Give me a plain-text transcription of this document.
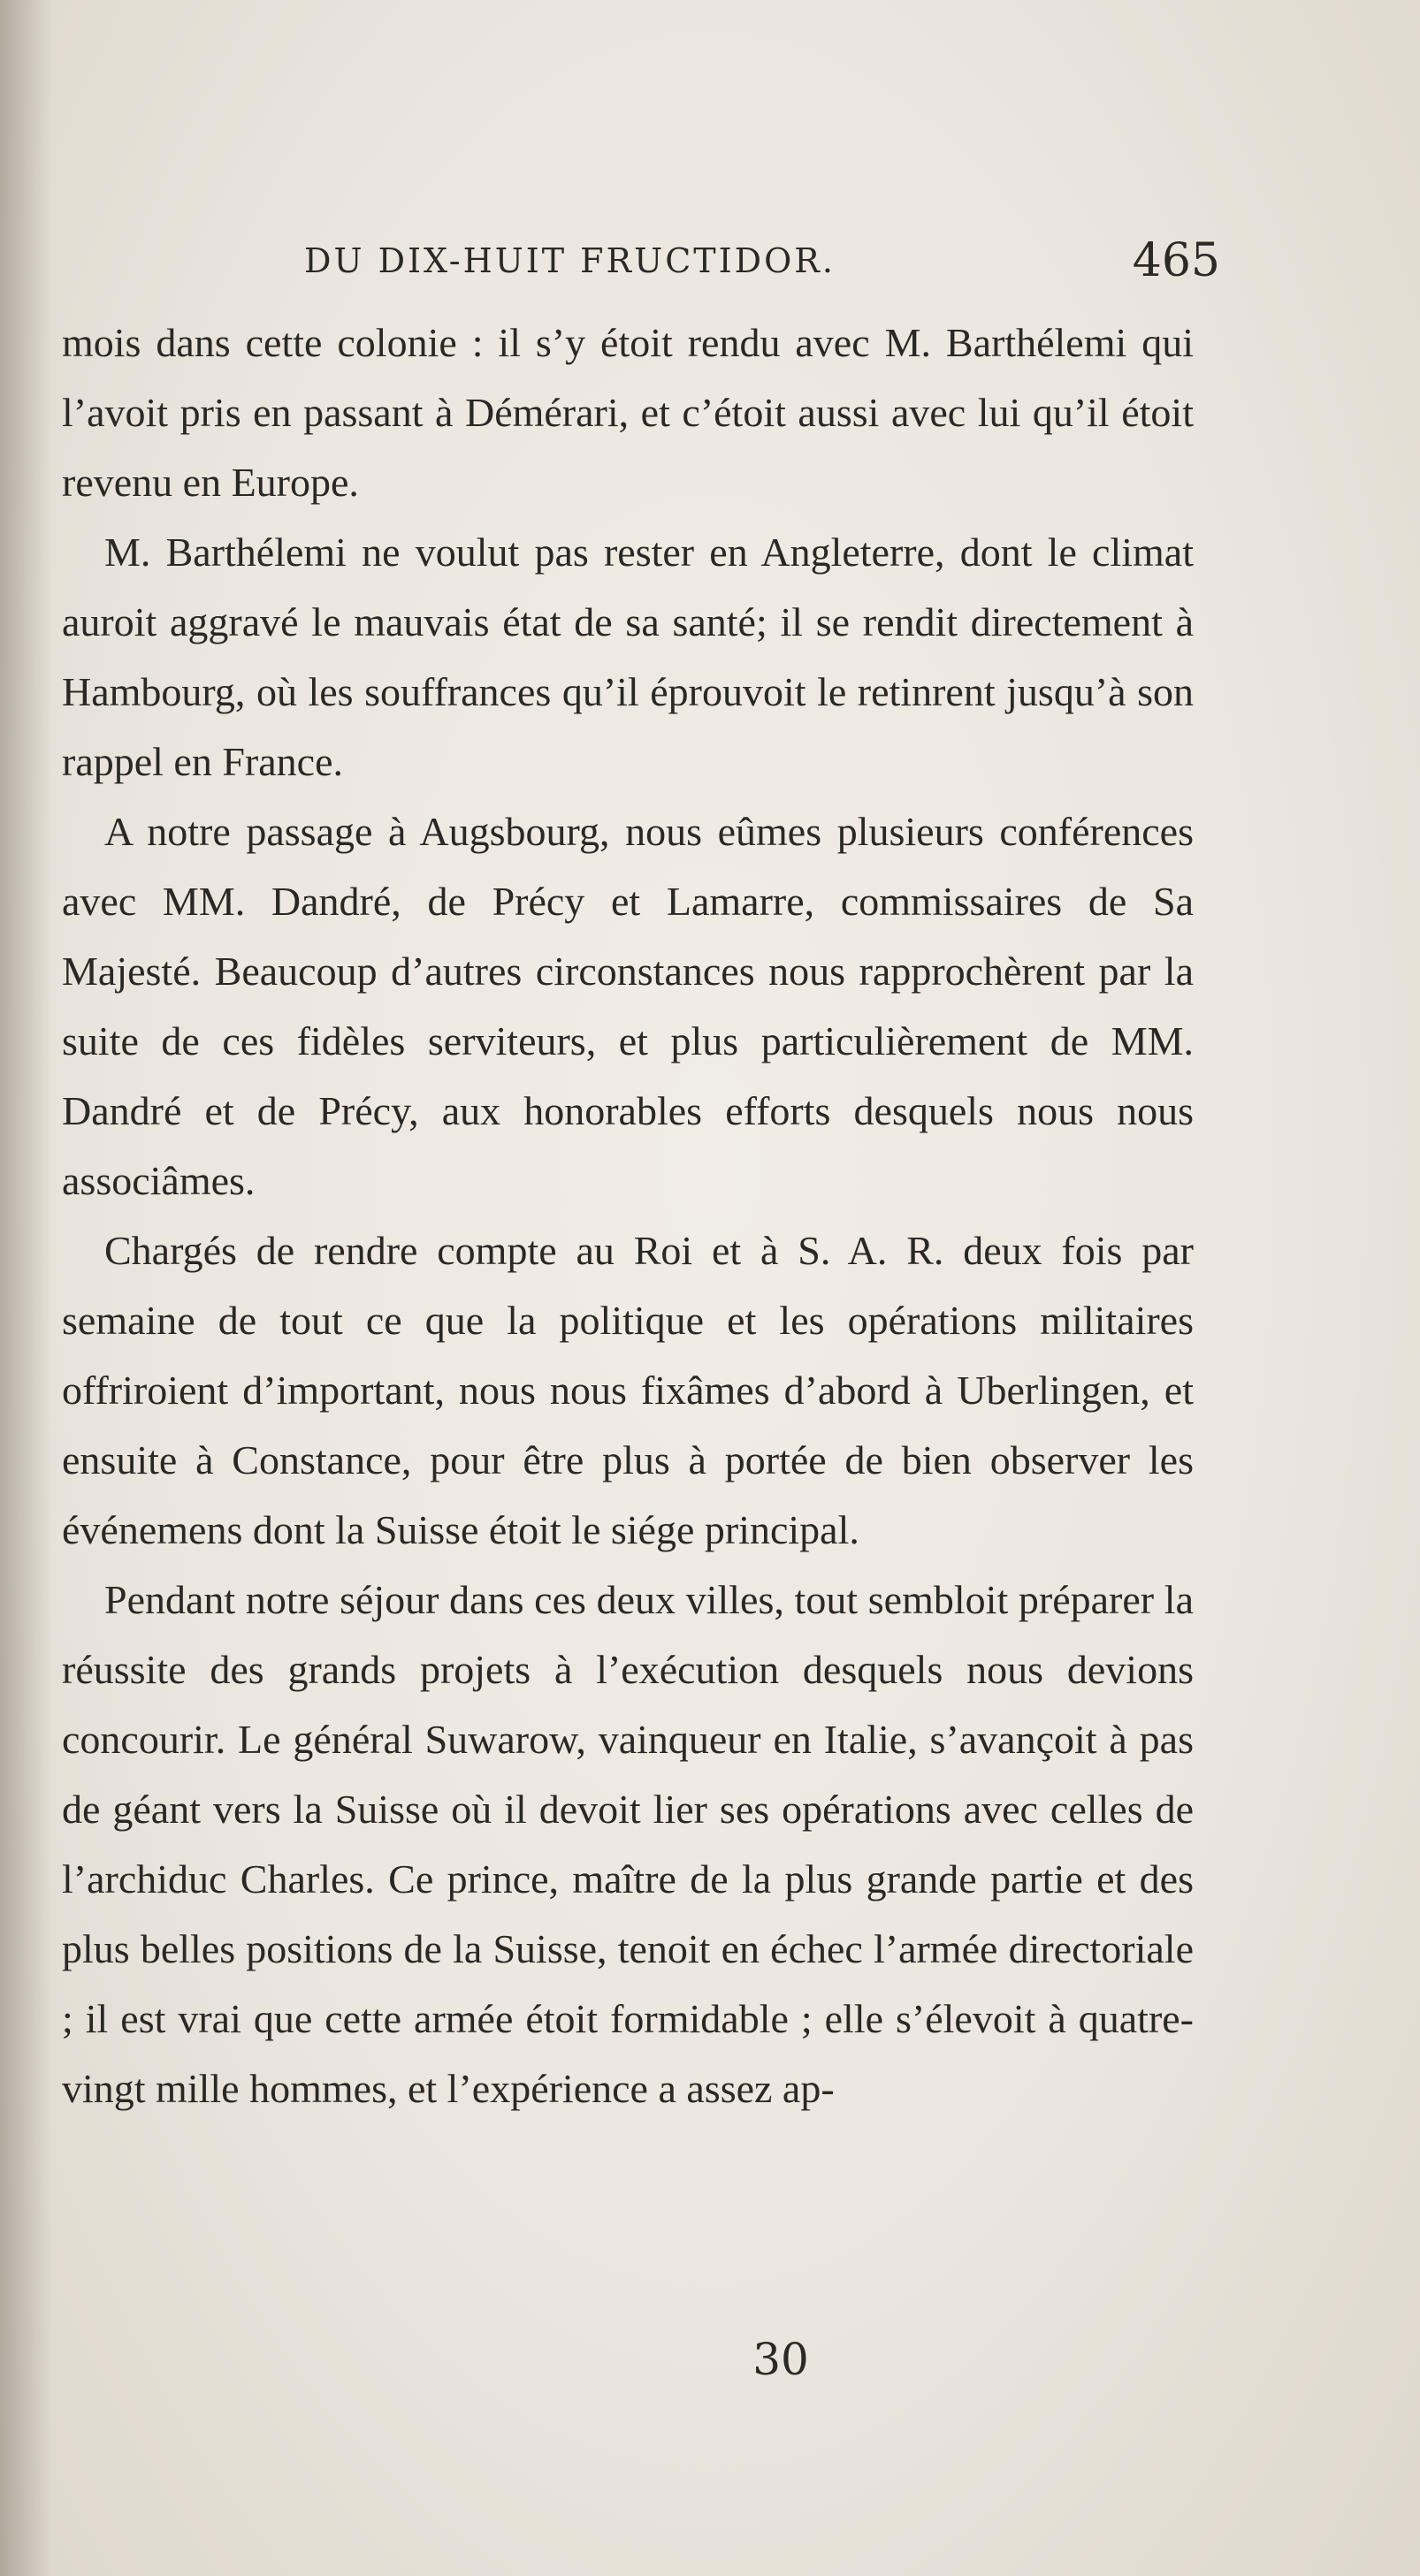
DU DIX-HUIT FRUCTIDOR.	465

mois dans cette colonie : il s’y étoit rendu avec M. Barthélemi qui l’avoit pris en passant à Démérari, et c’étoit aussi avec lui qu’il étoit revenu en Europe.

M. Barthélemi ne voulut pas rester en Angleterre, dont le climat auroit aggravé le mauvais état de sa santé; il se rendit directement à Hambourg, où les souffrances qu’il éprouvoit le retinrent jusqu’à son rappel en France.

A notre passage à Augsbourg, nous eûmes plusieurs conférences avec MM. Dandré, de Précy et Lamarre, commissaires de Sa Majesté. Beaucoup d’autres circonstances nous rapprochèrent par la suite de ces fidèles serviteurs, et plus particulièrement de MM. Dandré et de Précy, aux honorables efforts desquels nous nous associâmes.

Chargés de rendre compte au Roi et à S. A. R. deux fois par semaine de tout ce que la politique et les opérations militaires offriroient d’important, nous nous fixâmes d’abord à Uberlingen, et ensuite à Constance, pour être plus à portée de bien observer les événemens dont la Suisse étoit le siége principal.

Pendant notre séjour dans ces deux villes, tout sembloit préparer la réussite des grands projets à l’exécution desquels nous devions concourir. Le général Suwarow, vainqueur en Italie, s’avançoit à pas de géant vers la Suisse où il devoit lier ses opérations avec celles de l’archiduc Charles. Ce prince, maître de la plus grande partie et des plus belles positions de la Suisse, tenoit en échec l’armée directoriale ; il est vrai que cette armée étoit formidable ; elle s’élevoit à quatre-vingt mille hommes, et l’expérience a assez ap-

30
